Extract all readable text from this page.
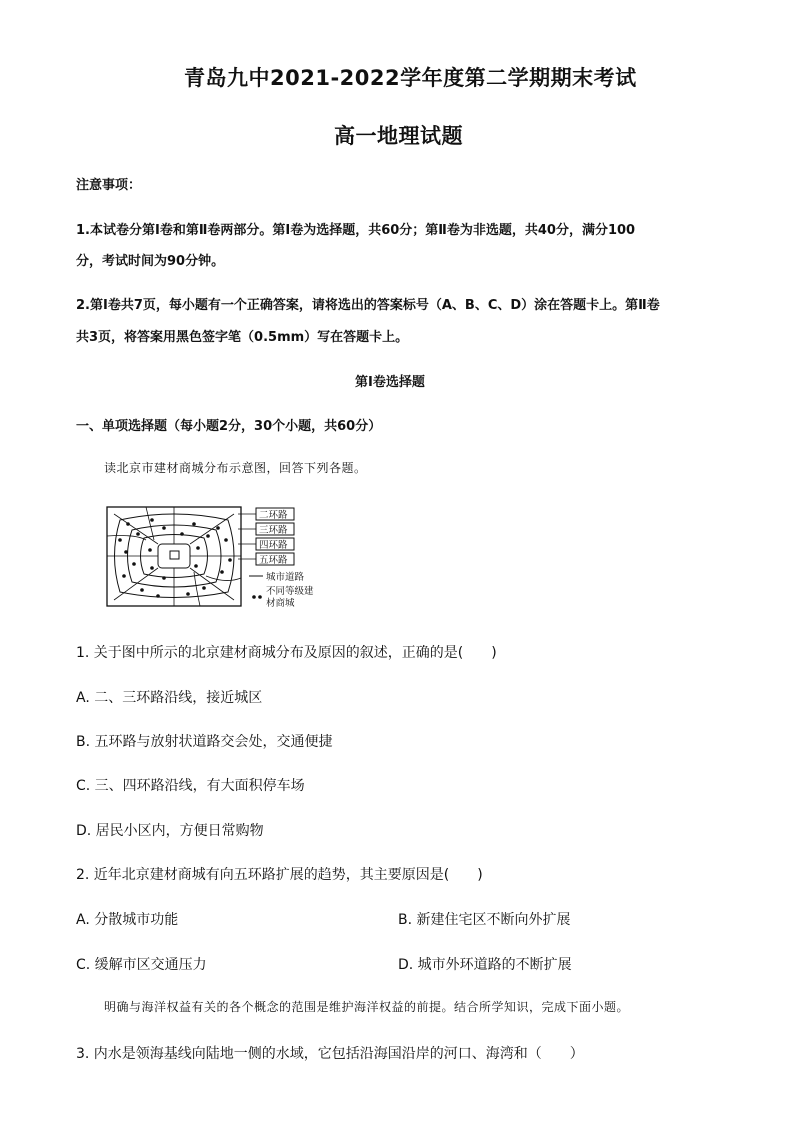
青岛九中2021-2022学年度第二学期期末考试
高一地理试题
注意事项：
1.本试卷分第Ⅰ卷和第Ⅱ卷两部分。第Ⅰ卷为选择题，共60分；第Ⅱ卷为非选题，共40分，满分100
分，考试时间为90分钟。
2.第Ⅰ卷共7页，每小题有一个正确答案，请将选出的答案标号（A、B、C、D）涂在答题卡上。第Ⅱ卷
共3页，将答案用黑色签字笔（0.5mm）写在答题卡上。
第Ⅰ卷选择题
一、单项选择题（每小题2分，30个小题，共60分）
读北京市建材商城分布示意图，回答下列各题。
二环路
三环路
四环路
五环路
城市道路
不同等级建
材商城
1. 关于图中所示的北京建材商城分布及原因的叙述，正确的是(　　)
A. 二、三环路沿线，接近城区
B. 五环路与放射状道路交会处，交通便捷
C. 三、四环路沿线，有大面积停车场
D. 居民小区内，方便日常购物
2. 近年北京建材商城有向五环路扩展的趋势，其主要原因是(　　)
A. 分散城市功能	B. 新建住宅区不断向外扩展
C. 缓解市区交通压力	D. 城市外环道路的不断扩展
明确与海洋权益有关的各个概念的范围是维护海洋权益的前提。结合所学知识，完成下面小题。
3. 内水是领海基线向陆地一侧的水域，它包括沿海国沿岸的河口、海湾和（　　）
